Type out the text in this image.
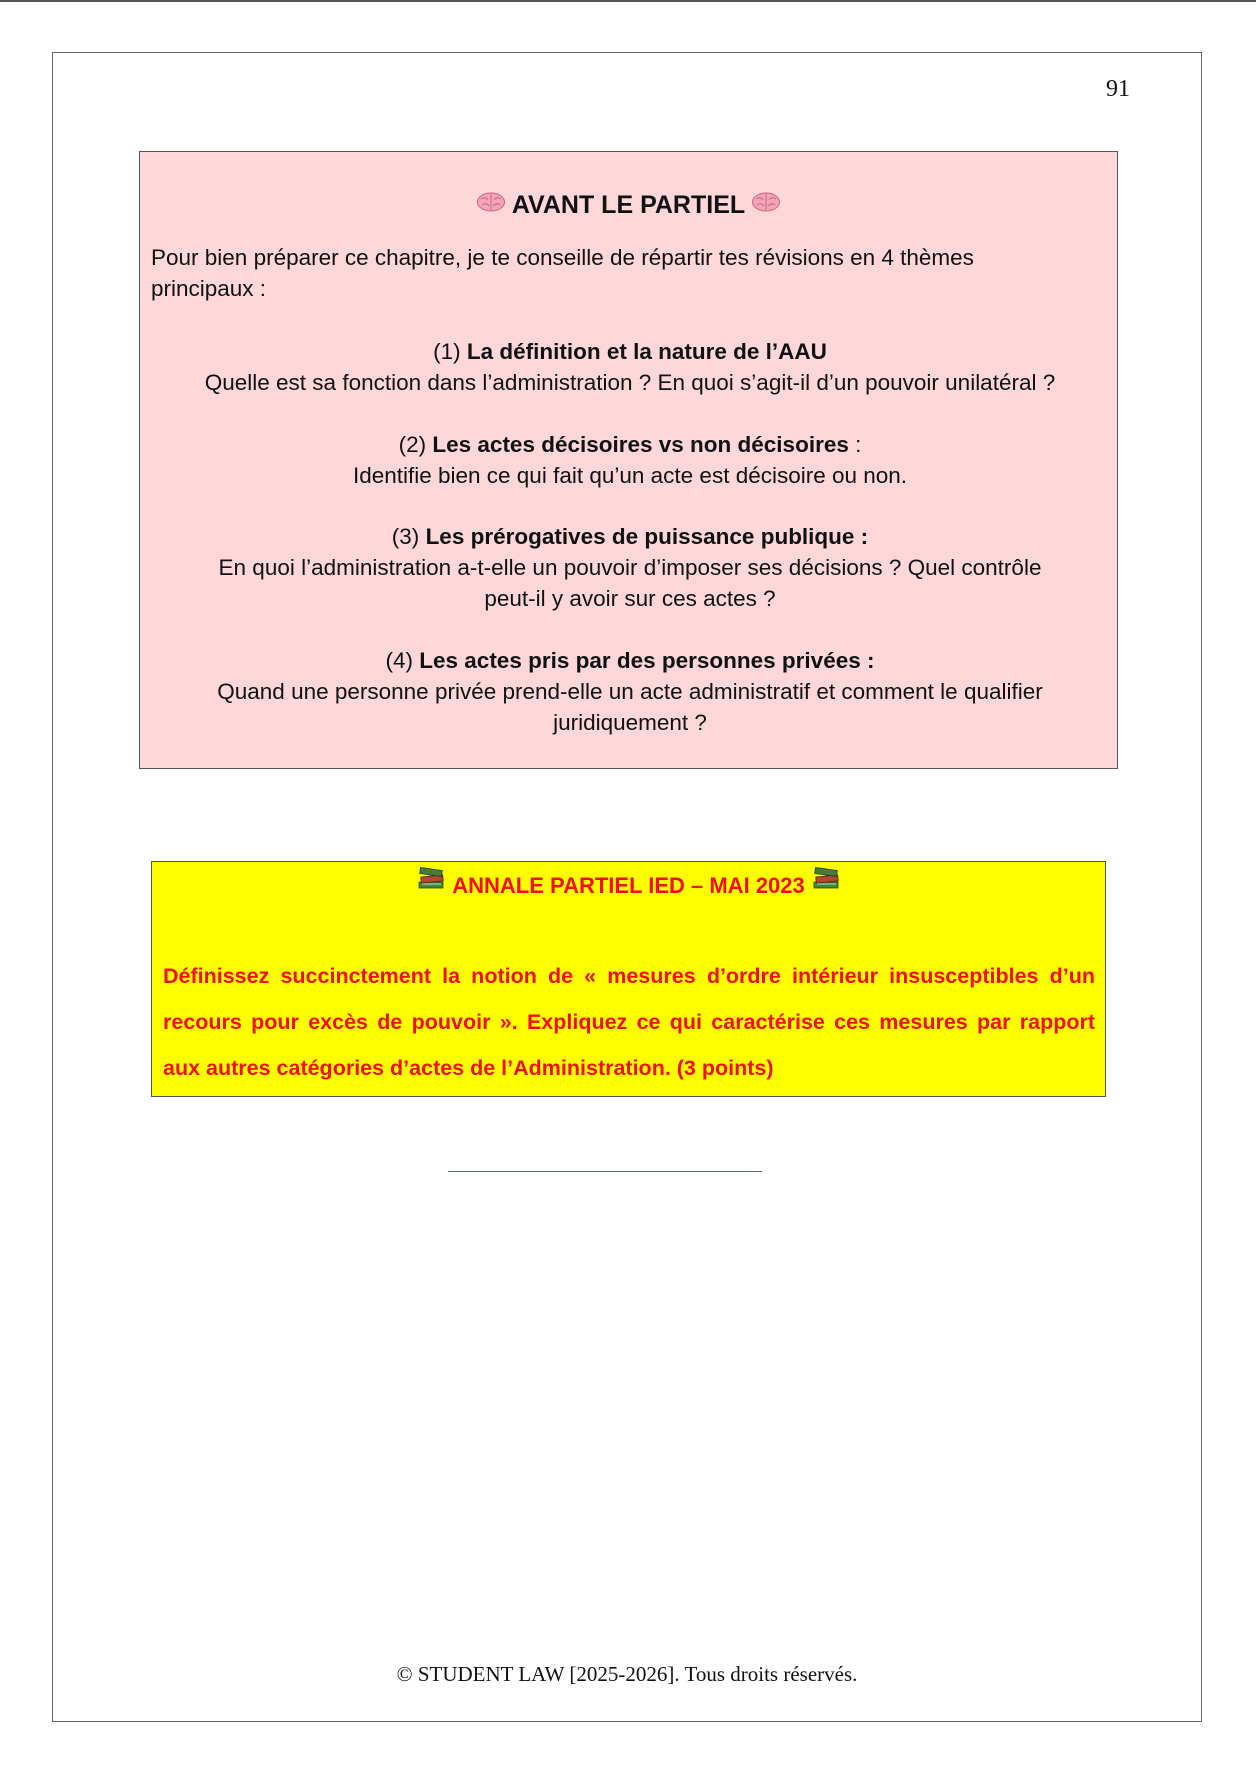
91
AVANT LE PARTIEL
Pour bien préparer ce chapitre, je te conseille de répartir tes révisions en 4 thèmes principaux :
(1) La définition et la nature de l’AAU
Quelle est sa fonction dans l’administration ? En quoi s’agit-il d’un pouvoir unilatéral ?
(2) Les actes décisoires vs non décisoires :
Identifie bien ce qui fait qu’un acte est décisoire ou non.
(3) Les prérogatives de puissance publique :
En quoi l’administration a-t-elle un pouvoir d’imposer ses décisions ? Quel contrôle peut-il y avoir sur ces actes ?
(4) Les actes pris par des personnes privées :
Quand une personne privée prend-elle un acte administratif et comment le qualifier juridiquement ?
ANNALE PARTIEL IED – MAI 2023
Définissez succinctement la notion de « mesures d’ordre intérieur insusceptibles d’un recours pour excès de pouvoir ». Expliquez ce qui caractérise ces mesures par rapport aux autres catégories d’actes de l’Administration. (3 points)
© STUDENT LAW [2025-2026]. Tous droits réservés.
